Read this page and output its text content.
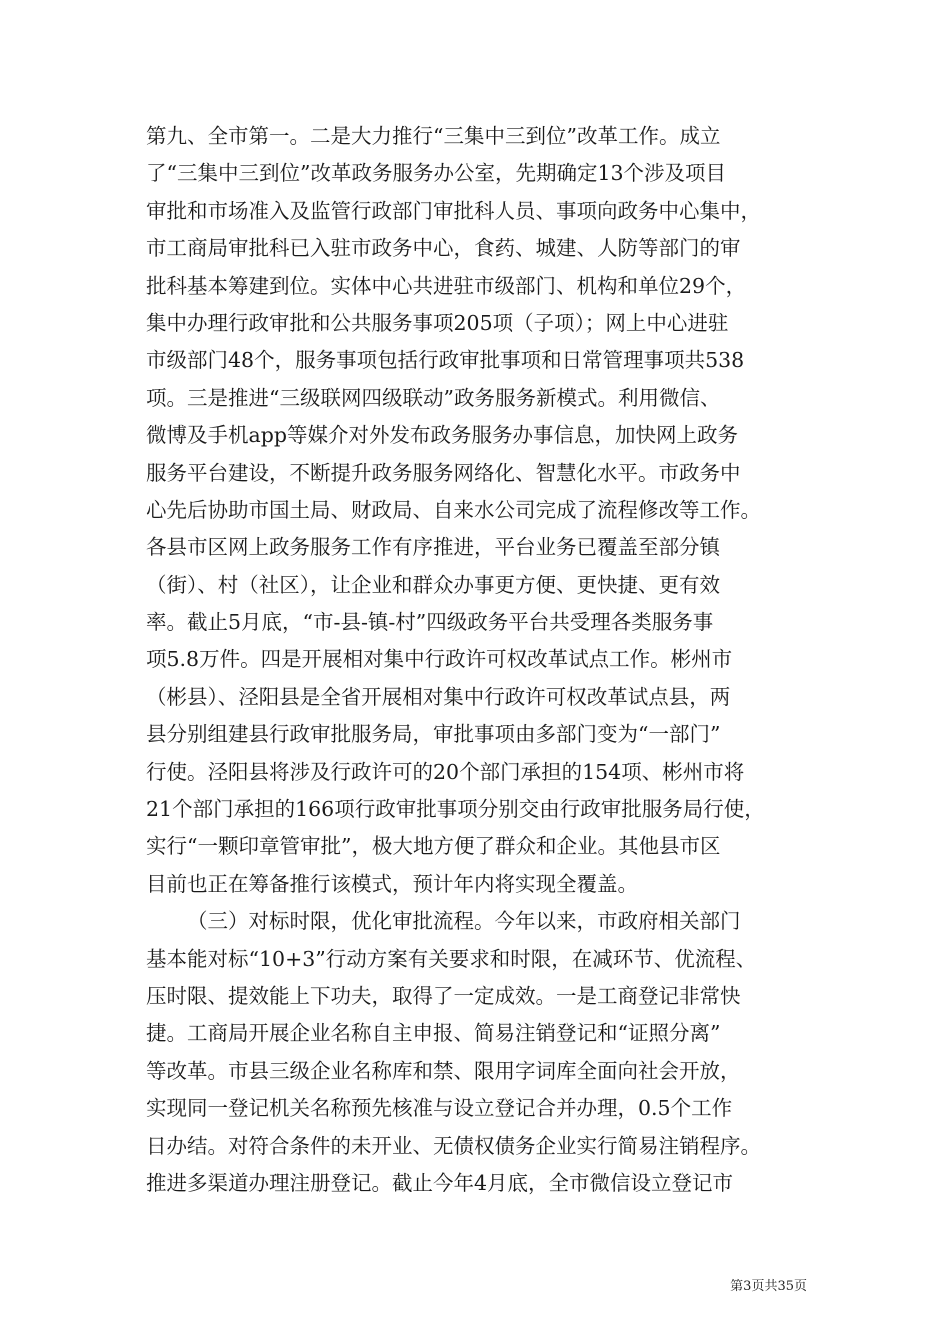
第九、全市第一。二是大力推行“三集中三到位”改革工作。成立
了“三集中三到位”改革政务服务办公室，先期确定13个涉及项目
审批和市场准入及监管行政部门审批科人员、事项向政务中心集中，
市工商局审批科已入驻市政务中心，食药、城建、人防等部门的审
批科基本筹建到位。实体中心共进驻市级部门、机构和单位29个，
集中办理行政审批和公共服务事项205项（子项）；网上中心进驻
市级部门48个，服务事项包括行政审批事项和日常管理事项共538
项。三是推进“三级联网四级联动”政务服务新模式。利用微信、
微博及手机app等媒介对外发布政务服务办事信息，加快网上政务
服务平台建设，不断提升政务服务网络化、智慧化水平。市政务中
心先后协助市国土局、财政局、自来水公司完成了流程修改等工作。
各县市区网上政务服务工作有序推进，平台业务已覆盖至部分镇
（街）、村（社区），让企业和群众办事更方便、更快捷、更有效
率。截止5月底，“市-县-镇-村”四级政务平台共受理各类服务事
项5.8万件。四是开展相对集中行政许可权改革试点工作。彬州市
（彬县）、泾阳县是全省开展相对集中行政许可权改革试点县，两
县分别组建县行政审批服务局，审批事项由多部门变为“一部门”
行使。泾阳县将涉及行政许可的20个部门承担的154项、彬州市将
21个部门承担的166项行政审批事项分别交由行政审批服务局行使，
实行“一颗印章管审批”，极大地方便了群众和企业。其他县市区
目前也正在筹备推行该模式，预计年内将实现全覆盖。
（三）对标时限，优化审批流程。今年以来，市政府相关部门
基本能对标“10+3”行动方案有关要求和时限，在减环节、优流程、
压时限、提效能上下功夫，取得了一定成效。一是工商登记非常快
捷。工商局开展企业名称自主申报、简易注销登记和“证照分离”
等改革。市县三级企业名称库和禁、限用字词库全面向社会开放，
实现同一登记机关名称预先核准与设立登记合并办理，0.5个工作
日办结。对符合条件的未开业、无债权债务企业实行简易注销程序。
推进多渠道办理注册登记。截止今年4月底，全市微信设立登记市
第3页共35页
